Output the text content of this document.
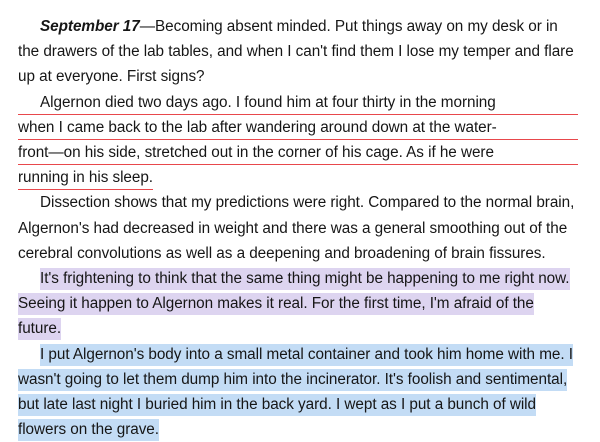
September 17—Becoming absent minded. Put things away on my desk or in the drawers of the lab tables, and when I can't find them I lose my temper and flare up at everyone. First signs?

Algernon died two days ago. I found him at four thirty in the morning
when I came back to the lab after wandering around down at the water-
front—on his side, stretched out in the corner of his cage. As if he were
running in his sleep.

Dissection shows that my predictions were right. Compared to the normal brain, Algernon's had decreased in weight and there was a general smoothing out of the cerebral convolutions as well as a deepening and broadening of brain fissures.

It's frightening to think that the same thing might be happening to me right now. Seeing it happen to Algernon makes it real. For the first time, I'm afraid of the future.

I put Algernon's body into a small metal container and took him home with me. I wasn't going to let them dump him into the incinerator. It's foolish and sentimental, but late last night I buried him in the back yard. I wept as I put a bunch of wild flowers on the grave.
